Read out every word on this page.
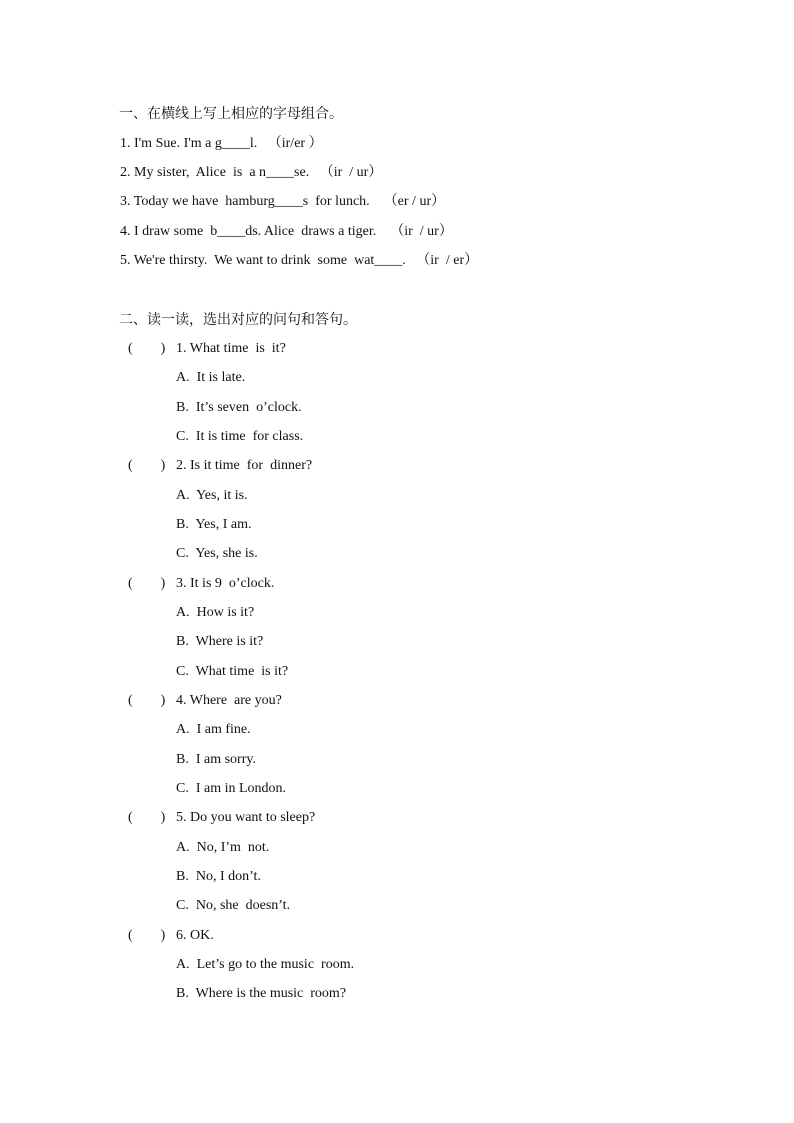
一、在横线上写上相应的字母组合。
1. I'm Sue. I'm a g____l.   （ir/er ）
2. My sister,  Alice  is  a n____se.   （ir  / ur）
3. Today we have  hamburg____s  for lunch.    （er / ur）
4. I draw some  b____ds. Alice  draws a tiger.    （ir  / ur）
5. We're thirsty.  We want to drink  some  wat____.   （ir  / er）
二、读一读，选出对应的问句和答句。
(        ) 1. What time  is  it?
A.  It is late.
B.  It’s seven  o’clock.
C.  It is time  for class.
(        ) 2. Is it time  for  dinner?
A.  Yes, it is.
B.  Yes, I am.
C.  Yes, she is.
(        ) 3. It is 9  o’clock.
A.  How is it?
B.  Where is it?
C.  What time  is it?
(        ) 4. Where  are you?
A.  I am fine.
B.  I am sorry.
C.  I am in London.
(        ) 5. Do you want to sleep?
A.  No, I’m  not.
B.  No, I don’t.
C.  No, she  doesn’t.
(        ) 6. OK.
A.  Let’s go to the music  room.
B.  Where is the music  room?
